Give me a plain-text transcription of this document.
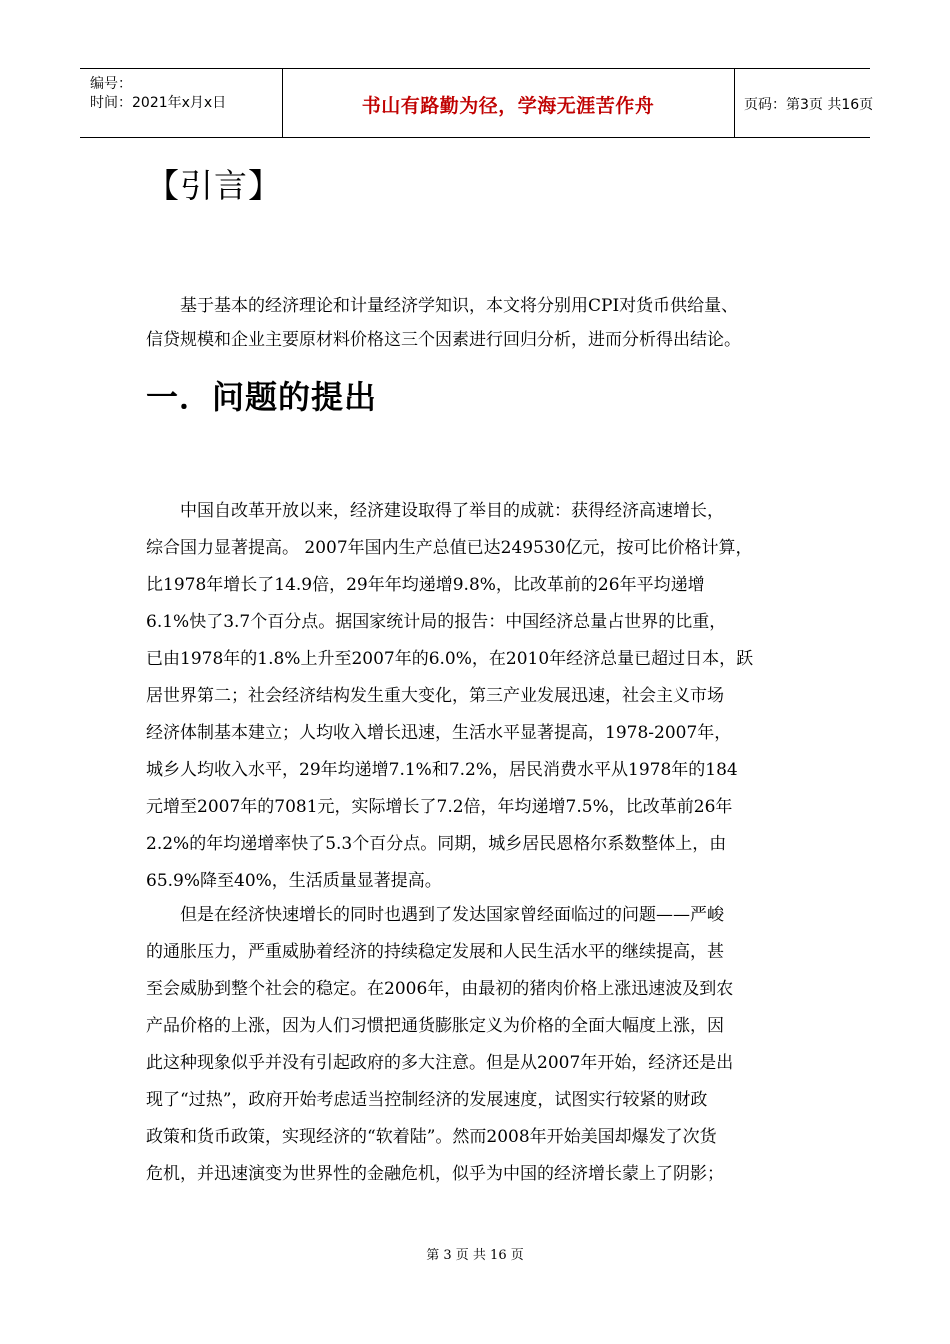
编号：
时间：2021年x月x日	书山有路勤为径，学海无涯苦作舟	页码：第3页 共16页
【引言】
　　基于基本的经济理论和计量经济学知识，本文将分别用CPI对货币供给量、
信贷规模和企业主要原材料价格这三个因素进行回归分析，进而分析得出结论。
一．问题的提出
　　中国自改革开放以来，经济建设取得了举目的成就：获得经济高速增长，
综合国力显著提高。 2007年国内生产总值已达249530亿元，按可比价格计算，
比1978年增长了14.9倍，29年年均递增9.8%，比改革前的26年平均递增
6.1%快了3.7个百分点。据国家统计局的报告：中国经济总量占世界的比重，
已由1978年的1.8%上升至2007年的6.0%，在2010年经济总量已超过日本，跃
居世界第二；社会经济结构发生重大变化，第三产业发展迅速，社会主义市场
经济体制基本建立；人均收入增长迅速，生活水平显著提高，1978-2007年，
城乡人均收入水平，29年均递增7.1%和7.2%，居民消费水平从1978年的184
元增至2007年的7081元，实际增长了7.2倍，年均递增7.5%，比改革前26年
2.2%的年均递增率快了5.3个百分点。同期，城乡居民恩格尔系数整体上，由
65.9%降至40%，生活质量显著提高。
　　但是在经济快速增长的同时也遇到了发达国家曾经面临过的问题——严峻
的通胀压力，严重威胁着经济的持续稳定发展和人民生活水平的继续提高，甚
至会威胁到整个社会的稳定。在2006年，由最初的猪肉价格上涨迅速波及到农
产品价格的上涨，因为人们习惯把通货膨胀定义为价格的全面大幅度上涨，因
此这种现象似乎并没有引起政府的多大注意。但是从2007年开始，经济还是出
现了“过热”，政府开始考虑适当控制经济的发展速度，试图实行较紧的财政
政策和货币政策，实现经济的“软着陆”。然而2008年开始美国却爆发了次货
危机，并迅速演变为世界性的金融危机，似乎为中国的经济增长蒙上了阴影；
第 3 页 共 16 页
